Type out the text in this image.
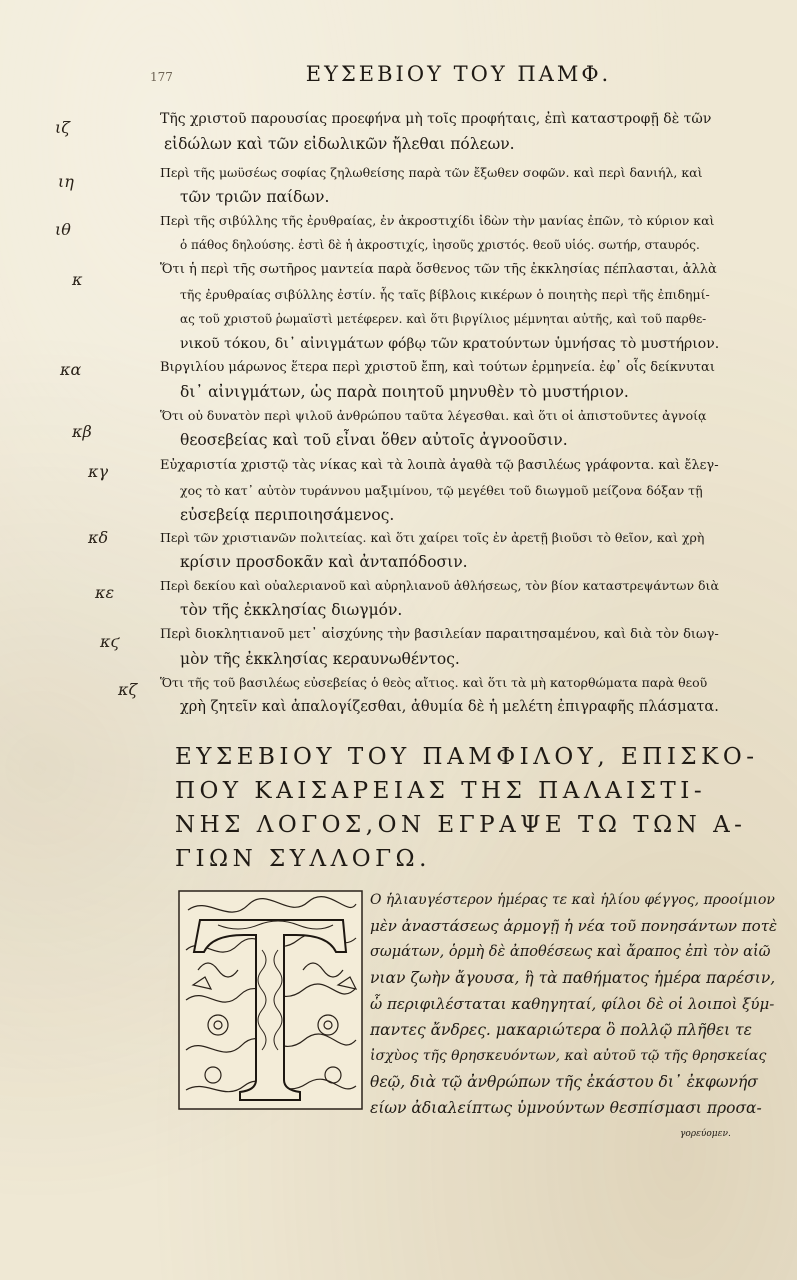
177	ΕΥΣΕΒΙΟΥ ΤΟΥ ΠΑΜΦ.
ιζ
ιη
ιθ
κ
κα
κβ
κγ
κδ
κε
κϛ
κζ
Τῆς χριστοῦ παρουσίας προεφήνα μὴ τοῖς προφήταις, ἐπὶ καταστροφῇ δὲ τῶν
εἰδώλων καὶ τῶν εἰδωλικῶν ἤλεθαι πόλεων.
Περὶ τῆς μωϋσέως σοφίας ζηλωθείσης παρὰ τῶν ἔξωθεν σοφῶν. καὶ περὶ δανιήλ, καὶ
τῶν τριῶν παίδων.
Περὶ τῆς σιβύλλης τῆς ἐρυθραίας, ἐν ἀκροστιχίδι ἰδὼν τὴν μανίας ἐπῶν, τὸ κύριον καὶ
ὁ πάθος δηλούσης. ἐστὶ δὲ ἡ ἀκροστιχίς, ἰησοῦς χριστός. θεοῦ υἱός. σωτήρ, σταυρός.
Ὅτι ἡ περὶ τῆς σωτῆρος μαντεία παρὰ ὅσθενος τῶν τῆς ἐκκλησίας πέπλασται, ἀλλὰ
τῆς ἐρυθραίας σιβύλλης ἐστίν. ἧς ταῖς βίβλοις κικέρων ὁ ποιητὴς περὶ τῆς ἐπιδημί-
ας τοῦ χριστοῦ ῥωμαϊστὶ μετέφερεν. καὶ ὅτι βιργίλιος μέμνηται αὐτῆς, καὶ τοῦ παρθε-
νικοῦ τόκου, δι᾽ αἰνιγμάτων φόβῳ τῶν κρατούντων ὑμνήσας τὸ μυστήριον.
Βιργιλίου μάρωνος ἕτερα περὶ χριστοῦ ἔπη, καὶ τούτων ἑρμηνεία. ἐφ᾽ οἷς δείκνυται
δι᾽ αἰνιγμάτων, ὡς παρὰ ποιητοῦ μηνυθὲν τὸ μυστήριον.
Ὅτι οὐ δυνατὸν περὶ ψιλοῦ ἀνθρώπου ταῦτα λέγεσθαι. καὶ ὅτι οἱ ἀπιστοῦντες ἀγνοίᾳ
θεοσεβείας καὶ τοῦ εἶναι ὅθεν αὐτοῖς ἀγνοοῦσιν.
Εὐχαριστία χριστῷ τὰς νίκας καὶ τὰ λοιπὰ ἀγαθὰ τῷ βασιλέως γράφοντα. καὶ ἔλεγ-
χος τὸ κατ᾽ αὐτὸν τυράννου μαξιμίνου, τῷ μεγέθει τοῦ διωγμοῦ μείζονα δόξαν τῇ
εὐσεβείᾳ περιποιησάμενος.
Περὶ τῶν χριστιανῶν πολιτείας. καὶ ὅτι χαίρει τοῖς ἐν ἀρετῇ βιοῦσι τὸ θεῖον, καὶ χρὴ
κρίσιν προσδοκᾶν καὶ ἀνταπόδοσιν.
Περὶ δεκίου καὶ οὐαλεριανοῦ καὶ αὐρηλιανοῦ ἀθλήσεως, τὸν βίον καταστρεψάντων διὰ
τὸν τῆς ἐκκλησίας διωγμόν.
Περὶ διοκλητιανοῦ μετ᾽ αἰσχύνης τὴν βασιλείαν παραιτησαμένου, καὶ διὰ τὸν διωγ-
μὸν τῆς ἐκκλησίας κεραυνωθέντος.
Ὅτι τῆς τοῦ βασιλέως εὐσεβείας ὁ θεὸς αἴτιος. καὶ ὅτι τὰ μὴ κατορθώματα παρὰ θεοῦ
χρὴ ζητεῖν καὶ ἀπαλογίζεσθαι, ἀθυμία δὲ ἡ μελέτη ἐπιγραφῆς πλάσματα.
ΕΥΣΕΒΙΟΥ ΤΟΥ ΠΑΜΦΙΛΟΥ, ΕΠΙΣΚΟ-
ΠΟΥ ΚΑΙΣΑΡΕΙΑΣ ΤΗΣ ΠΑΛΑΙΣΤΙ-
ΝΗΣ ΛΟΓΟΣ,ΟΝ ΕΓΡΑΨΕ ΤΩ ΤΩΝ Α-
ΓΙΩΝ ΣΥΛΛΟΓΩ.
Ο ἡλιαυγέστερον ἡμέρας τε καὶ ἡλίου φέγγος, προοίμιον
μὲν ἀναστάσεως ἁρμογῇ ἡ νέα τοῦ πονησάντων ποτὲ
σωμάτων, ὁρμὴ δὲ ἀποθέσεως καὶ ἄραπος ἐπὶ τὸν αἰῶ
νιαν ζωὴν ἄγουσα, ἣ τὰ παθήματος ἡμέρα παρέσιν,
ὧ περιφιλέσταται καθηγηταί, φίλοι δὲ οἱ λοιποὶ ξύμ-
παντες ἄνδρες. μακαριώτερα ὃ πολλῷ πλῆθει τε
ἰσχὺος τῆς θρησκευόντων, καὶ αὐτοῦ τῷ τῆς θρησκείας
θεῷ, διὰ τῷ ἀνθρώπων τῆς ἐκάστου δι᾽ ἐκφωνήσ
είων ἀδιαλείπτως ὑμνούντων θεσπίσμασι προσα-
γορεύομεν.
